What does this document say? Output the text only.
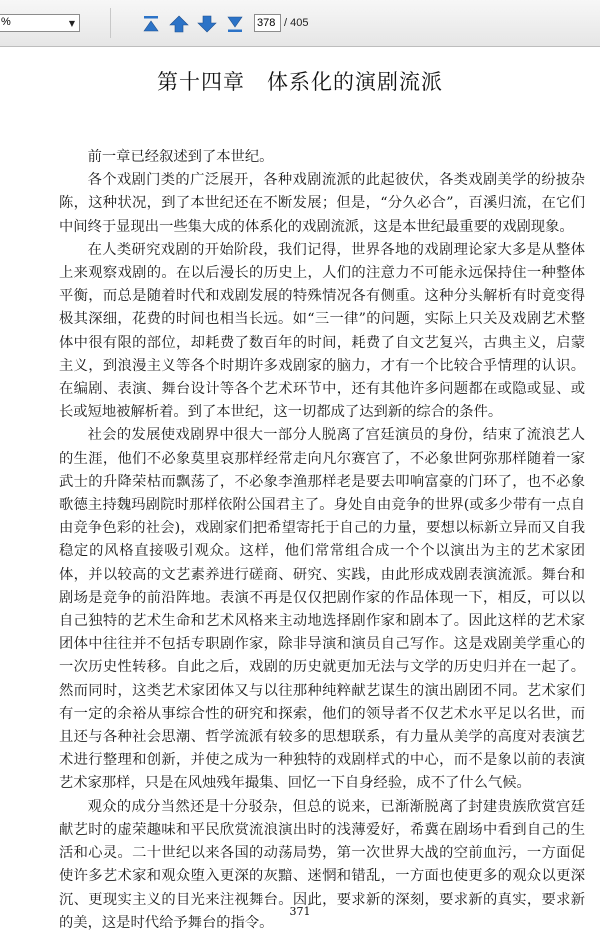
%	▼
378	/ 405
第十四章　体系化的演剧流派

前一章已经叙述到了本世纪。

各个戏剧门类的广泛展开，各种戏剧流派的此起彼伏，各类戏剧美学的纷披杂陈，这种状况，到了本世纪还在不断发展；但是，“分久必合”，百溪归流，在它们中间终于显现出一些集大成的体系化的戏剧流派，这是本世纪最重要的戏剧现象。

在人类研究戏剧的开始阶段，我们记得，世界各地的戏剧理论家大多是从整体上来观察戏剧的。在以后漫长的历史上，人们的注意力不可能永远保持住一种整体平衡，而总是随着时代和戏剧发展的特殊情况各有侧重。这种分头解析有时竟变得极其深细，花费的时间也相当长远。如“三一律”的问题，实际上只关及戏剧艺术整体中很有限的部位，却耗费了数百年的时间，耗费了自文艺复兴，古典主义，启蒙主义，到浪漫主义等各个时期许多戏剧家的脑力，才有一个比较合乎情理的认识。在编剧、表演、舞台设计等各个艺术环节中，还有其他许多问题都在或隐或显、或长或短地被解析着。到了本世纪，这一切都成了达到新的综合的条件。

社会的发展使戏剧界中很大一部分人脱离了宫廷演员的身份，结束了流浪艺人的生涯，他们不必象莫里哀那样经常走向凡尔赛宫了，不必象世阿弥那样随着一家武士的升降荣枯而飘荡了，不必象李渔那样老是要去叩响富豪的门环了，也不必象歌德主持魏玛剧院时那样依附公国君主了。身处自由竞争的世界(或多少带有一点自由竞争色彩的社会)，戏剧家们把希望寄托于自己的力量，要想以标新立异而又自我稳定的风格直接吸引观众。这样，他们常常组合成一个个以演出为主的艺术家团体，并以较高的文艺素养进行磋商、研究、实践，由此形成戏剧表演流派。舞台和剧场是竞争的前沿阵地。表演不再是仅仅把剧作家的作品体现一下，相反，可以以自己独特的艺术生命和艺术风格来主动地选择剧作家和剧本了。因此这样的艺术家团体中往往并不包括专职剧作家，除非导演和演员自己写作。这是戏剧美学重心的一次历史性转移。自此之后，戏剧的历史就更加无法与文学的历史归并在一起了。然而同时，这类艺术家团体又与以往那种纯粹献艺谋生的演出剧团不同。艺术家们有一定的余裕从事综合性的研究和探索，他们的领导者不仅艺术水平足以名世，而且还与各种社会思潮、哲学流派有较多的思想联系，有力量从美学的高度对表演艺术进行整理和创新，并使之成为一种独特的戏剧样式的中心，而不是象以前的表演艺术家那样，只是在风烛残年撮集、回忆一下自身经验，成不了什么气候。

观众的成分当然还是十分驳杂，但总的说来，已渐渐脱离了封建贵族欣赏宫廷献艺时的虚荣趣味和平民欣赏流浪演出时的浅薄爱好，希冀在剧场中看到自己的生活和心灵。二十世纪以来各国的动荡局势，第一次世界大战的空前血污，一方面促使许多艺术家和观众堕入更深的灰黯、迷惘和错乱，一方面也使更多的观众以更深沉、更现实主义的目光来注视舞台。因此，要求新的深刻，要求新的真实，要求新的美，这是时代给予舞台的指令。

371
